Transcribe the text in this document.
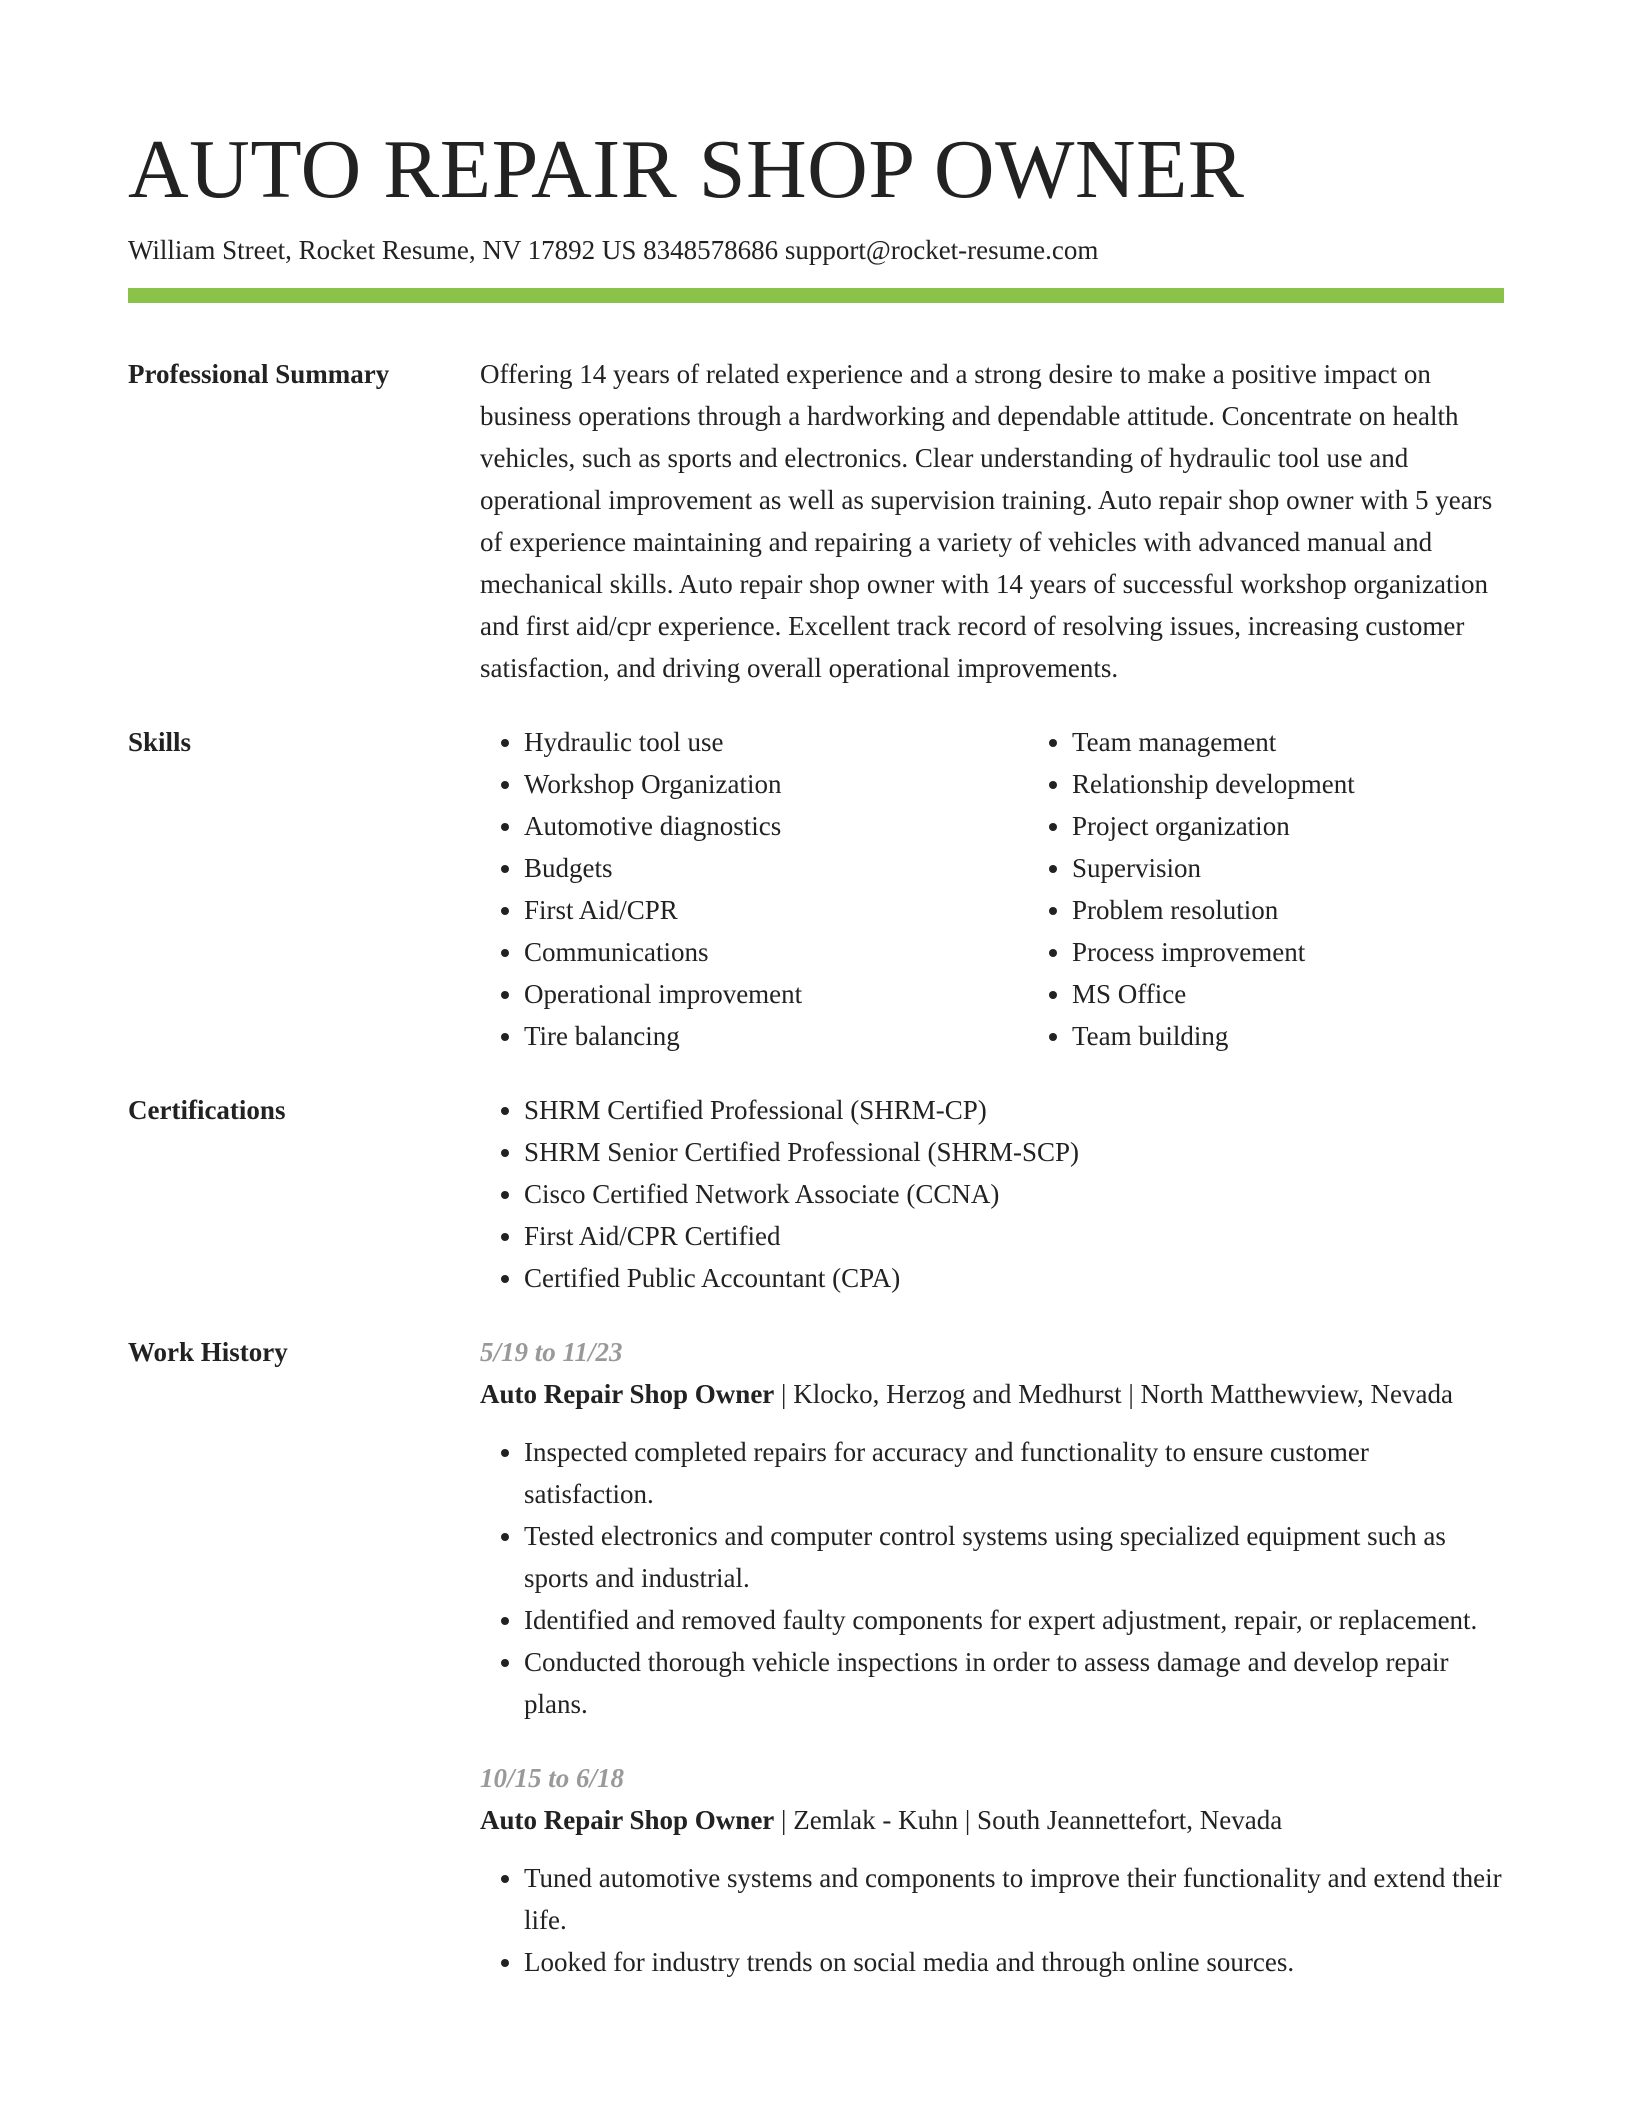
AUTO REPAIR SHOP OWNER
William Street, Rocket Resume, NV 17892 US 8348578686 support@rocket-resume.com
Professional Summary	Offering 14 years of related experience and a strong desire to make a positive impact on business operations through a hardworking and dependable attitude. Concentrate on health vehicles, such as sports and electronics. Clear understanding of hydraulic tool use and operational improvement as well as supervision training. Auto repair shop owner with 5 years of experience maintaining and repairing a variety of vehicles with advanced manual and mechanical skills. Auto repair shop owner with 14 years of successful workshop organization and first aid/cpr experience. Excellent track record of resolving issues, increasing customer satisfaction, and driving overall operational improvements.
Skills	• Hydraulic tool use
• Workshop Organization
• Automotive diagnostics
• Budgets
• First Aid/CPR
• Communications
• Operational improvement
• Tire balancing
• Team management
• Relationship development
• Project organization
• Supervision
• Problem resolution
• Process improvement
• MS Office
• Team building
Certifications	• SHRM Certified Professional (SHRM-CP)
• SHRM Senior Certified Professional (SHRM-SCP)
• Cisco Certified Network Associate (CCNA)
• First Aid/CPR Certified
• Certified Public Accountant (CPA)
Work History	5/19 to 11/23
Auto Repair Shop Owner | Klocko, Herzog and Medhurst | North Matthewview, Nevada
• Inspected completed repairs for accuracy and functionality to ensure customer satisfaction.
• Tested electronics and computer control systems using specialized equipment such as sports and industrial.
• Identified and removed faulty components for expert adjustment, repair, or replacement.
• Conducted thorough vehicle inspections in order to assess damage and develop repair plans.
10/15 to 6/18
Auto Repair Shop Owner | Zemlak - Kuhn | South Jeannettefort, Nevada
• Tuned automotive systems and components to improve their functionality and extend their life.
• Looked for industry trends on social media and through online sources.
